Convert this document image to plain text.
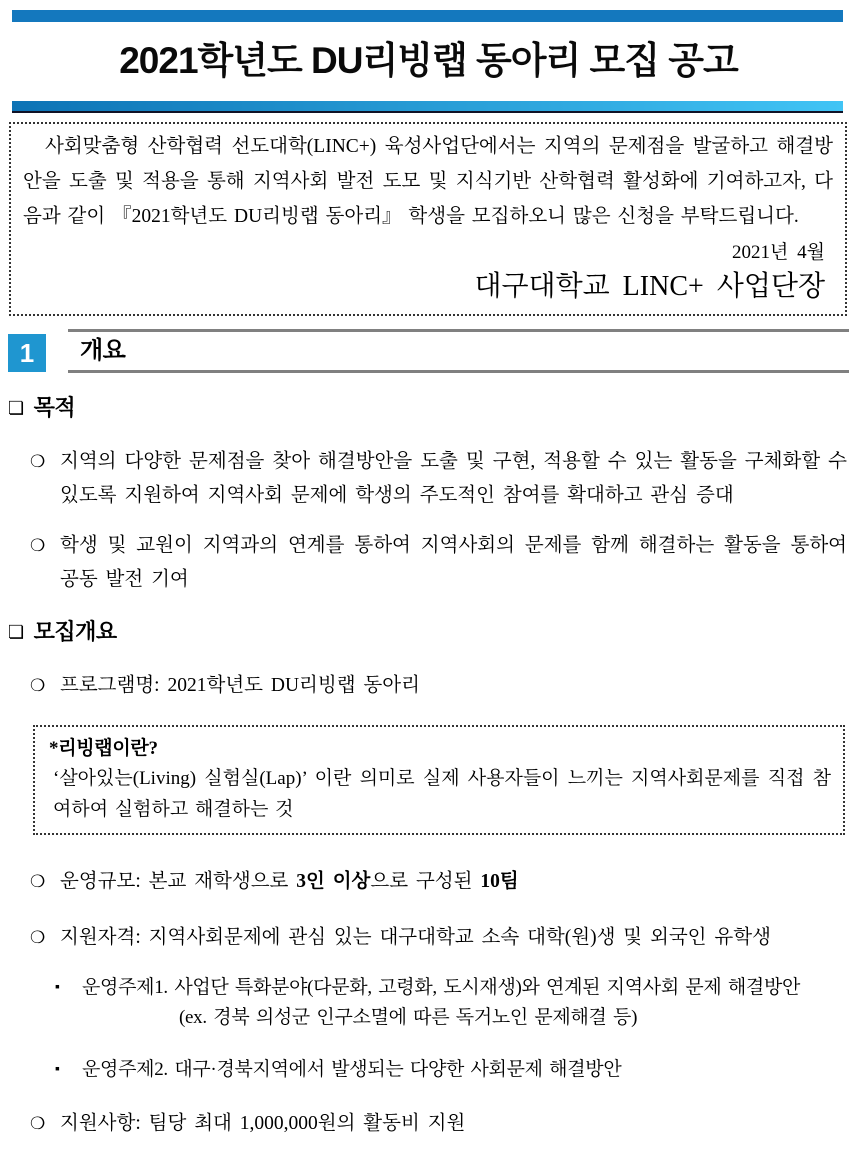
2021학년도 DU리빙랩 동아리 모집 공고

사회맞춤형 산학협력 선도대학(LINC+) 육성사업단에서는 지역의 문제점을 발굴하고 해결방안을 도출 및 적용을 통해 지역사회 발전 도모 및 지식기반 산학협력 활성화에 기여하고자, 다음과 같이 『2021학년도 DU리빙랩 동아리』 학생을 모집하오니 많은 신청을 부탁드립니다.

2021년 4월
대구대학교 LINC+ 사업단장
1	개요
❏ 목적
❍ 지역의 다양한 문제점을 찾아 해결방안을 도출 및 구현, 적용할 수 있는 활동을 구체화할 수 있도록 지원하여 지역사회 문제에 학생의 주도적인 참여를 확대하고 관심 증대
❍ 학생 및 교원이 지역과의 연계를 통하여 지역사회의 문제를 함께 해결하는 활동을 통하여 공동 발전 기여
❏ 모집개요
❍ 프로그램명: 2021학년도 DU리빙랩 동아리
*리빙랩이란?
‘살아있는(Living) 실험실(Lap)’ 이란 의미로 실제 사용자들이 느끼는 지역사회문제를 직접 참여하여 실험하고 해결하는 것
❍ 운영규모: 본교 재학생으로 3인 이상으로 구성된 10팀
❍ 지원자격: 지역사회문제에 관심 있는 대구대학교 소속 대학(원)생 및 외국인 유학생
▪	운영주제1. 사업단 특화분야(다문화, 고령화, 도시재생)와 연계된 지역사회 문제 해결방안
(ex. 경북 의성군 인구소멸에 따른 독거노인 문제해결 등)
▪	운영주제2. 대구·경북지역에서 발생되는 다양한 사회문제 해결방안
❍ 지원사항: 팀당 최대 1,000,000원의 활동비 지원
